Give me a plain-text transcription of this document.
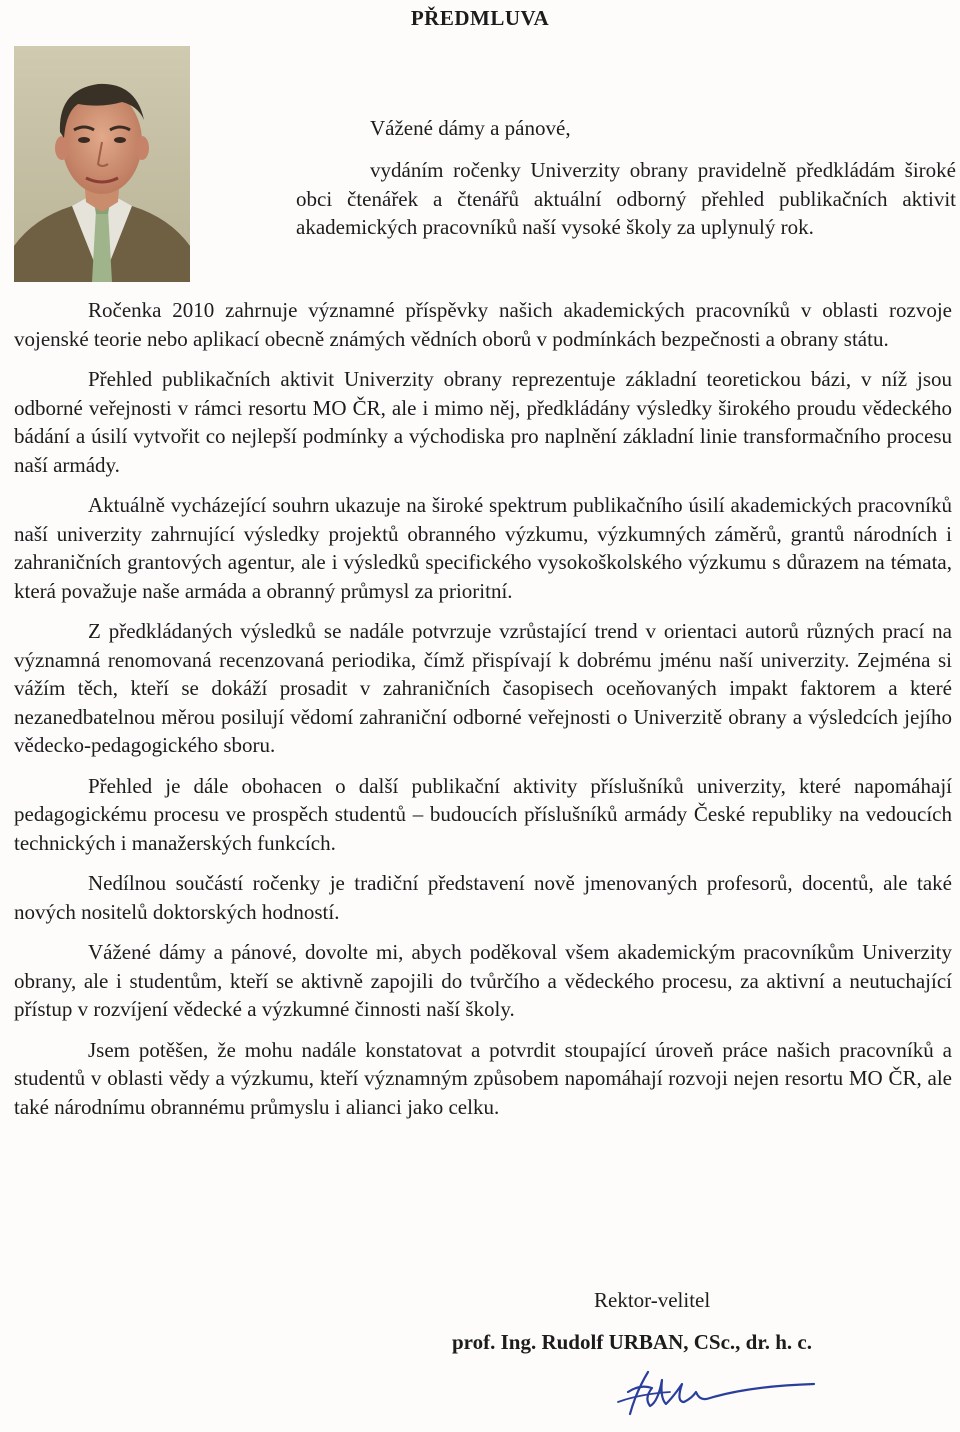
PŘEDMLUVA

Vážené dámy a pánové,

vydáním ročenky Univerzity obrany pravidelně předkládám široké obci čtenářek a čtenářů aktuální odborný přehled publikačních aktivit akademických pracovníků naší vysoké školy za uplynulý rok.

Ročenka 2010 zahrnuje významné příspěvky našich akademických pracovníků v oblasti rozvoje vojenské teorie nebo aplikací obecně známých vědních oborů v podmínkách bezpečnosti a obrany státu.

Přehled publikačních aktivit Univerzity obrany reprezentuje základní teoretickou bázi, v níž jsou odborné veřejnosti v rámci resortu MO ČR, ale i mimo něj, předkládány výsledky širokého proudu vědeckého bádání a úsilí vytvořit co nejlepší podmínky a východiska pro naplnění základní linie transformačního procesu naší armády.

Aktuálně vycházející souhrn ukazuje na široké spektrum publikačního úsilí akademických pracovníků naší univerzity zahrnující výsledky projektů obranného výzkumu, výzkumných záměrů, grantů národních i zahraničních grantových agentur, ale i výsledků specifického vysokoškolského výzkumu s důrazem na témata, která považuje naše armáda a obranný průmysl za prioritní.

Z předkládaných výsledků se nadále potvrzuje vzrůstající trend v orientaci autorů různých prací na významná renomovaná recenzovaná periodika, čímž přispívají k dobrému jménu naší univerzity. Zejména si vážím těch, kteří se dokáží prosadit v zahraničních časopisech oceňovaných impakt faktorem a které nezanedbatelnou měrou posilují vědomí zahraniční odborné veřejnosti o Univerzitě obrany a výsledcích jejího vědecko-pedagogického sboru.

Přehled je dále obohacen o další publikační aktivity příslušníků univerzity, které napomáhají pedagogickému procesu ve prospěch studentů – budoucích příslušníků armády České republiky na vedoucích technických i manažerských funkcích.

Nedílnou součástí ročenky je tradiční představení nově jmenovaných profesorů, docentů, ale také nových nositelů doktorských hodností.

Vážené dámy a pánové, dovolte mi, abych poděkoval všem akademickým pracovníkům Univerzity obrany, ale i studentům, kteří se aktivně zapojili do tvůrčího a vědeckého procesu, za aktivní a neutuchající přístup v rozvíjení vědecké a výzkumné činnosti naší školy.

Jsem potěšen, že mohu nadále konstatovat a potvrdit stoupající úroveň práce našich pracovníků a studentů v oblasti vědy a výzkumu, kteří významným způsobem napomáhají rozvoji nejen resortu MO ČR, ale také národnímu obrannému průmyslu i alianci jako celku.

Rektor-velitel

prof. Ing. Rudolf URBAN, CSc., dr. h. c.
